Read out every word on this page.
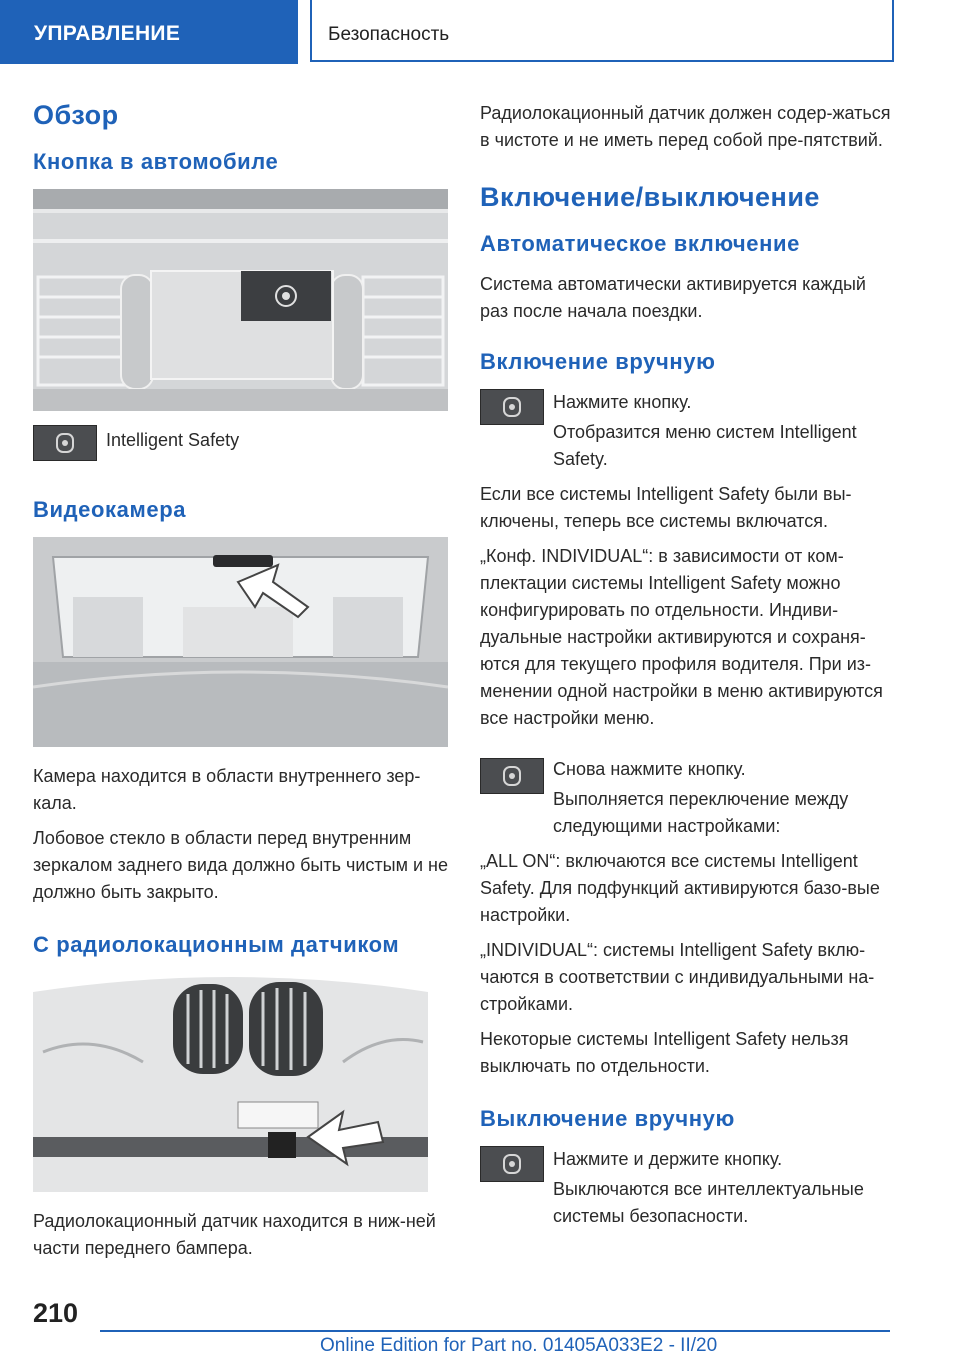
УПРАВЛЕНИЕ	Безопасность
Обзор
Кнопка в автомобиле

Intelligent Safety

Видеокамера

Камера находится в области внутреннего зер-кала.

Лобовое стекло в области перед внутренним зеркалом заднего вида должно быть чистым и не должно быть закрыто.

С радиолокационным датчиком

Радиолокационный датчик находится в ниж-ней части переднего бампера.

Радиолокационный датчик должен содер-жаться в чистоте и не иметь перед собой пре-пятствий.

Включение/выключение
Автоматическое включение

Система автоматически активируется каждый раз после начала поездки.

Включение вручную

Нажмите кнопку.

Отобразится меню систем Intelligent Safety.

Если все системы Intelligent Safety были вы-ключены, теперь все системы включатся.

„Конф. INDIVIDUAL“: в зависимости от ком-плектации системы Intelligent Safety можно конфигурировать по отдельности. Индиви-дуальные настройки активируются и сохраня-ются для текущего профиля водителя. При из-менении одной настройки в меню активируются все настройки меню.

Снова нажмите кнопку.

Выполняется переключение между следующими настройками:

„ALL ON“: включаются все системы Intelligent Safety. Для подфункций активируются базо-вые настройки.

„INDIVIDUAL“: системы Intelligent Safety вклю-чаются в соответствии с индивидуальными на-стройками.

Некоторые системы Intelligent Safety нельзя выключать по отдельности.

Выключение вручную

Нажмите и держите кнопку.

Выключаются все интеллектуальные системы безопасности.

210
Online Edition for Part no. 01405A033E2 - II/20
